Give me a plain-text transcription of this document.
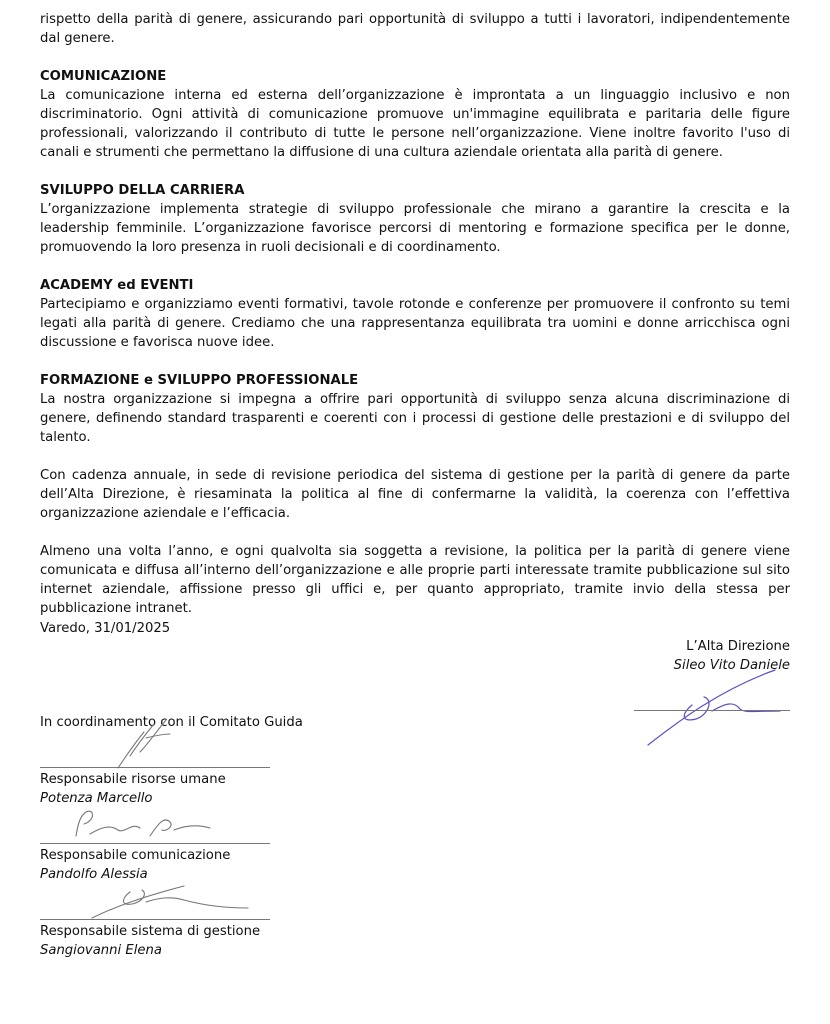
rispetto della parità di genere, assicurando pari opportunità di sviluppo a tutti i lavoratori, indipendentemente dal genere.

COMUNICAZIONE

La comunicazione interna ed esterna dell’organizzazione è improntata a un linguaggio inclusivo e non discriminatorio. Ogni attività di comunicazione promuove un'immagine equilibrata e paritaria delle figure professionali, valorizzando il contributo di tutte le persone nell’organizzazione. Viene inoltre favorito l'uso di canali e strumenti che permettano la diffusione di una cultura aziendale orientata alla parità di genere.

SVILUPPO DELLA CARRIERA

L’organizzazione implementa strategie di sviluppo professionale che mirano a garantire la crescita e la leadership femminile. L’organizzazione favorisce percorsi di mentoring e formazione specifica per le donne, promuovendo la loro presenza in ruoli decisionali e di coordinamento.

ACADEMY ed EVENTI

Partecipiamo e organizziamo eventi formativi, tavole rotonde e conferenze per promuovere il confronto su temi legati alla parità di genere. Crediamo che una rappresentanza equilibrata tra uomini e donne arricchisca ogni discussione e favorisca nuove idee.

FORMAZIONE e SVILUPPO PROFESSIONALE

La nostra organizzazione si impegna a offrire pari opportunità di sviluppo senza alcuna discriminazione di genere, definendo standard trasparenti e coerenti con i processi di gestione delle prestazioni e di sviluppo del talento.

Con cadenza annuale, in sede di revisione periodica del sistema di gestione per la parità di genere da parte dell’Alta Direzione, è riesaminata la politica al fine di confermarne la validità, la coerenza con l’effettiva organizzazione aziendale e l’efficacia.

Almeno una volta l’anno, e ogni qualvolta sia soggetta a revisione, la politica per la parità di genere viene comunicata e diffusa all’interno dell’organizzazione e alle proprie parti interessate tramite pubblicazione sul sito internet aziendale, affissione presso gli uffici e, per quanto appropriato, tramite invio della stessa per pubblicazione intranet.

Varedo, 31/01/2025

L’Alta Direzione
Sileo Vito Daniele

In coordinamento con il Comitato Guida

Responsabile risorse umane
Potenza Marcello
Responsabile comunicazione
Pandolfo Alessia
Responsabile sistema di gestione
Sangiovanni Elena
